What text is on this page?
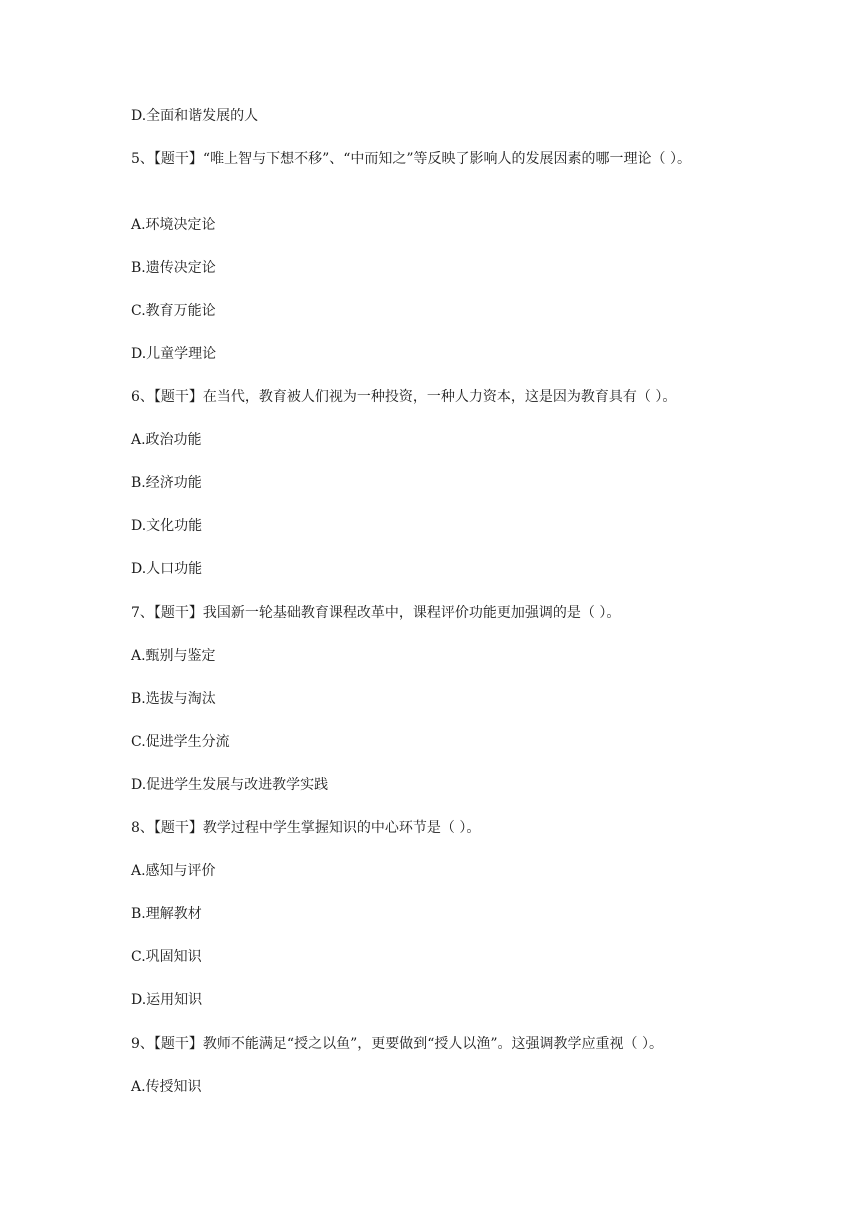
D.全面和谐发展的人
5、【题干】“唯上智与下想不移”、“中而知之”等反映了影响人的发展因素的哪一理论（ ）。
A.环境决定论
B.遗传决定论
C.教育万能论
D.儿童学理论
6、【题干】在当代，教育被人们视为一种投资，一种人力资本，这是因为教育具有（ ）。
A.政治功能
B.经济功能
D.文化功能
D.人口功能
7、【题干】我国新一轮基础教育课程改革中，课程评价功能更加强调的是（ ）。
A.甄别与鉴定
B.选拔与淘汰
C.促进学生分流
D.促进学生发展与改进教学实践
8、【题干】教学过程中学生掌握知识的中心环节是（ ）。
A.感知与评价
B.理解教材
C.巩固知识
D.运用知识
9、【题干】教师不能满足“授之以鱼”，更要做到“授人以渔”。这强调教学应重视（ ）。
A.传授知识
